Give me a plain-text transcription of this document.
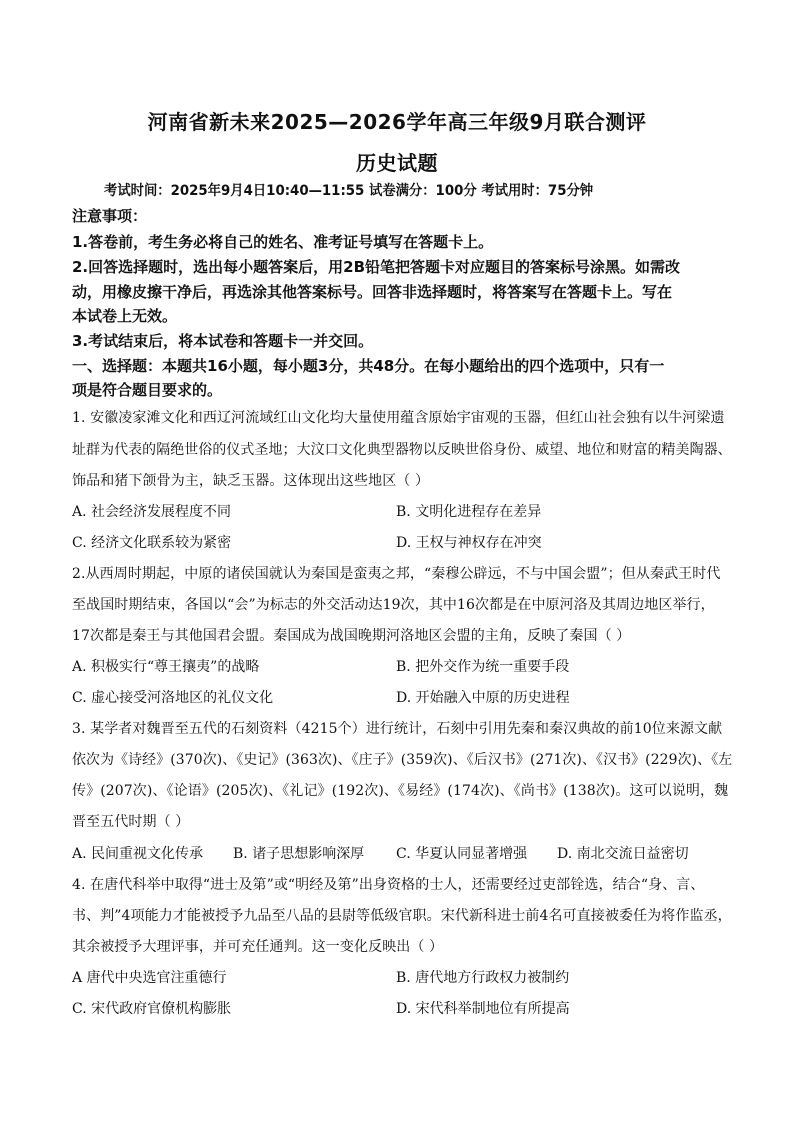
河南省新未来2025—2026学年高三年级9月联合测评
历史试题
考试时间：2025年9月4日10:40—11:55 试卷满分：100分 考试用时：75分钟
注意事项：
1.答卷前，考生务必将自己的姓名、准考证号填写在答题卡上。
2.回答选择题时，选出每小题答案后，用2B铅笔把答题卡对应题目的答案标号涂黑。如需改
动，用橡皮擦干净后，再选涂其他答案标号。回答非选择题时，将答案写在答题卡上。写在
本试卷上无效。
3.考试结束后，将本试卷和答题卡一并交回。
一、选择题：本题共16小题，每小题3分，共48分。在每小题给出的四个选项中，只有一
项是符合题目要求的。
1. 安徽凌家滩文化和西辽河流域红山文化均大量使用蕴含原始宇宙观的玉器，但红山社会独有以牛河梁遗
址群为代表的隔绝世俗的仪式圣地；大汶口文化典型器物以反映世俗身份、威望、地位和财富的精美陶器、
饰品和猪下颌骨为主，缺乏玉器。这体现出这些地区（ ）
A. 社会经济发展程度不同	B. 文明化进程存在差异
C. 经济文化联系较为紧密	D. 王权与神权存在冲突
2.从西周时期起，中原的诸侯国就认为秦国是蛮夷之邦，“秦穆公辟远，不与中国会盟”；但从秦武王时代
至战国时期结束，各国以“会”为标志的外交活动达19次，其中16次都是在中原河洛及其周边地区举行，
17次都是秦王与其他国君会盟。秦国成为战国晚期河洛地区会盟的主角，反映了秦国（ ）
A. 积极实行“尊王攘夷”的战略	B. 把外交作为统一重要手段
C. 虚心接受河洛地区的礼仪文化	D. 开始融入中原的历史进程
3. 某学者对魏晋至五代的石刻资料（4215个）进行统计，石刻中引用先秦和秦汉典故的前10位来源文献
依次为《诗经》(370次)、《史记》(363次)、《庄子》(359次)、《后汉书》(271次)、《汉书》(229次)、《左
传》(207次)、《论语》(205次)、《礼记》(192次)、《易经》(174次)、《尚书》(138次)。这可以说明，魏
晋至五代时期（ ）
A. 民间重视文化传承 B. 诸子思想影响深厚 C. 华夏认同显著增强 D. 南北交流日益密切
4. 在唐代科举中取得“进士及第”或“明经及第”出身资格的士人，还需要经过吏部铨选，结合“身、言、
书、判”4项能力才能被授予九品至八品的县尉等低级官职。宋代新科进士前4名可直接被委任为将作监丞，
其余被授予大理评事，并可充任通判。这一变化反映出（ ）
A 唐代中央选官注重德行	B. 唐代地方行政权力被制约
C. 宋代政府官僚机构膨胀	D. 宋代科举制地位有所提高
